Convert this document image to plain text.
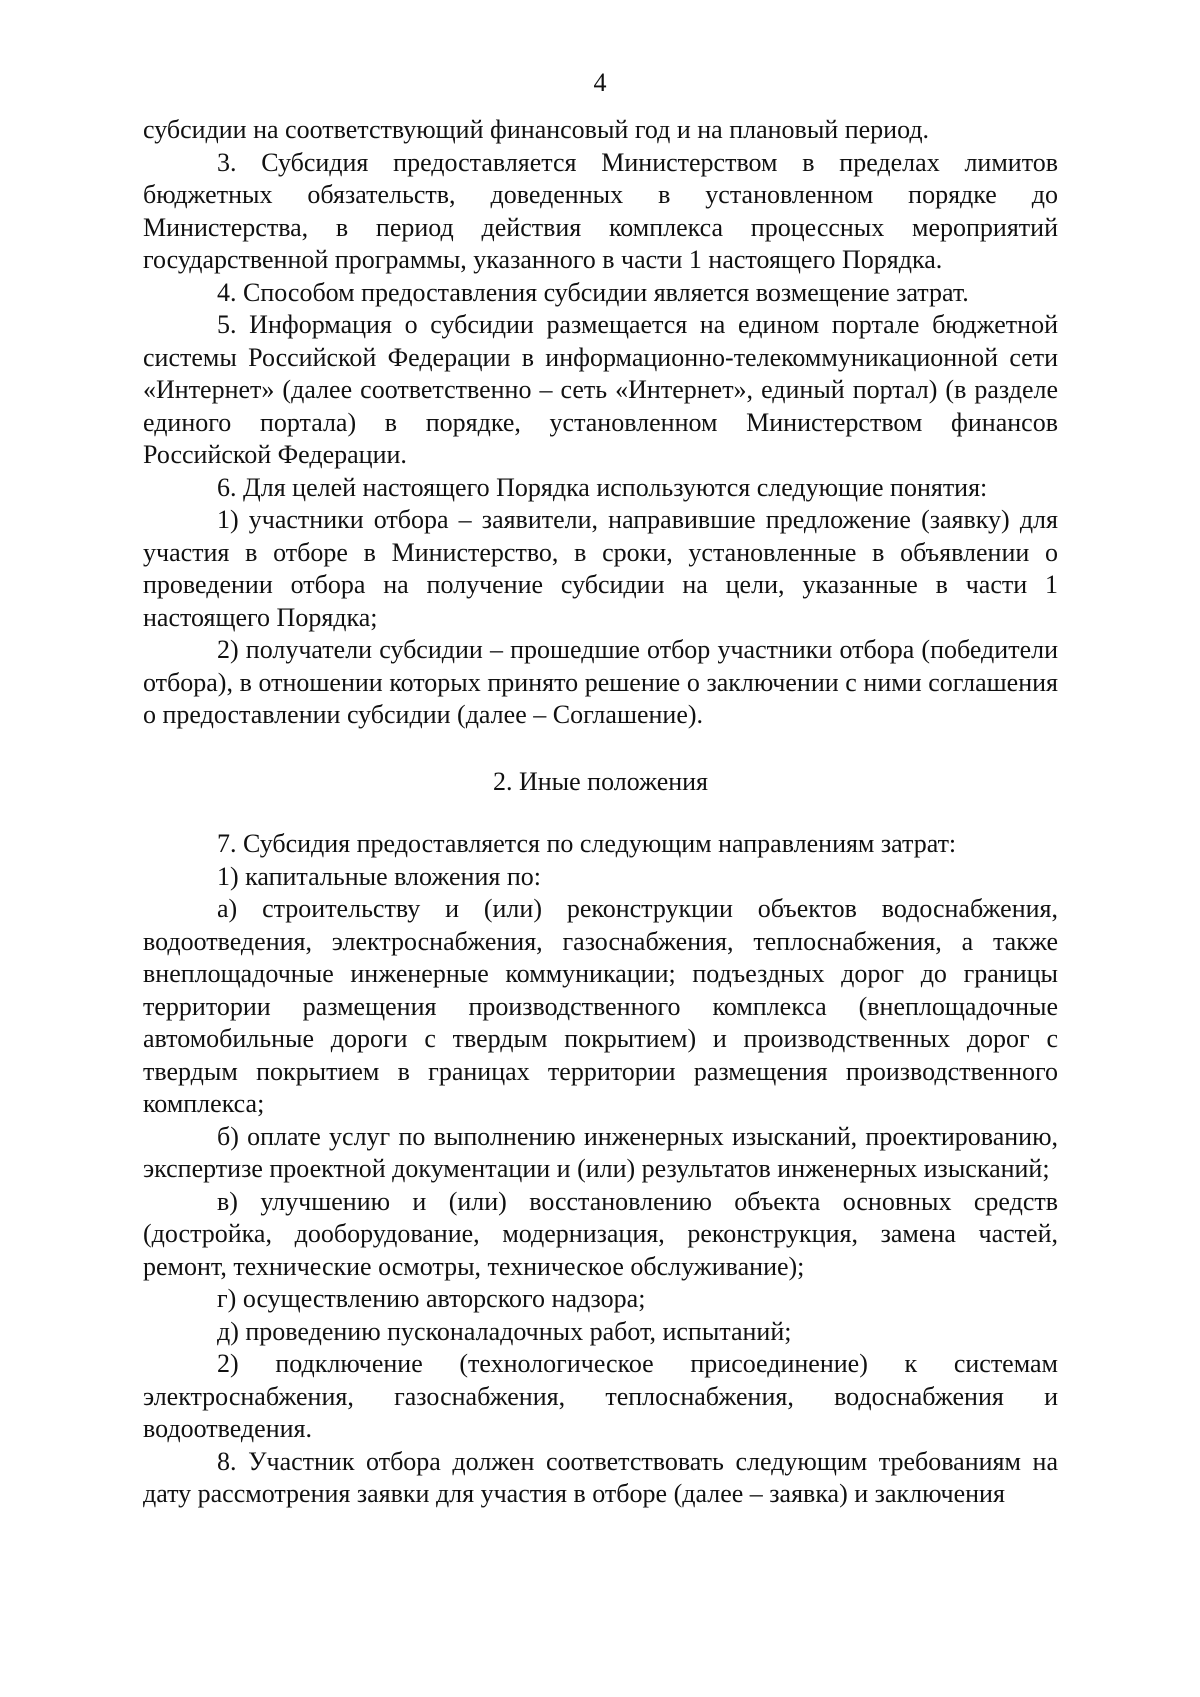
4

субсидии на соответствующий финансовый год и на плановый период.

3. Субсидия предоставляется Министерством в пределах лимитов бюджетных обязательств, доведенных в установленном порядке до Министерства, в период действия комплекса процессных мероприятий государственной программы, указанного в части 1 настоящего Порядка.

4. Способом предоставления субсидии является возмещение затрат.

5. Информация о субсидии размещается на едином портале бюджетной системы Российской Федерации в информационно-телекоммуникационной сети «Интернет» (далее соответственно – сеть «Интернет», единый портал) (в разделе единого портала) в порядке, установленном Министерством финансов Российской Федерации.

6. Для целей настоящего Порядка используются следующие понятия:

1) участники отбора – заявители, направившие предложение (заявку) для участия в отборе в Министерство, в сроки, установленные в объявлении о проведении отбора на получение субсидии на цели, указанные в части 1 настоящего Порядка;

2) получатели субсидии – прошедшие отбор участники отбора (победители отбора), в отношении которых принято решение о заключении с ними соглашения о предоставлении субсидии (далее – Соглашение).

2. Иные положения

7. Субсидия предоставляется по следующим направлениям затрат:

1) капитальные вложения по:

а) строительству и (или) реконструкции объектов водоснабжения, водоотведения, электроснабжения, газоснабжения, теплоснабжения, а также внеплощадочные инженерные коммуникации; подъездных дорог до границы территории размещения производственного комплекса (внеплощадочные автомобильные дороги с твердым покрытием) и производственных дорог с твердым покрытием в границах территории размещения производственного комплекса;

б) оплате услуг по выполнению инженерных изысканий, проектированию, экспертизе проектной документации и (или) результатов инженерных изысканий;

в) улучшению и (или) восстановлению объекта основных средств (достройка, дооборудование, модернизация, реконструкция, замена частей, ремонт, технические осмотры, техническое обслуживание);

г) осуществлению авторского надзора;

д) проведению пусконаладочных работ, испытаний;

2) подключение (технологическое присоединение) к системам электроснабжения, газоснабжения, теплоснабжения, водоснабжения и водоотведения.

8. Участник отбора должен соответствовать следующим требованиям на дату рассмотрения заявки для участия в отборе (далее – заявка) и заключения
